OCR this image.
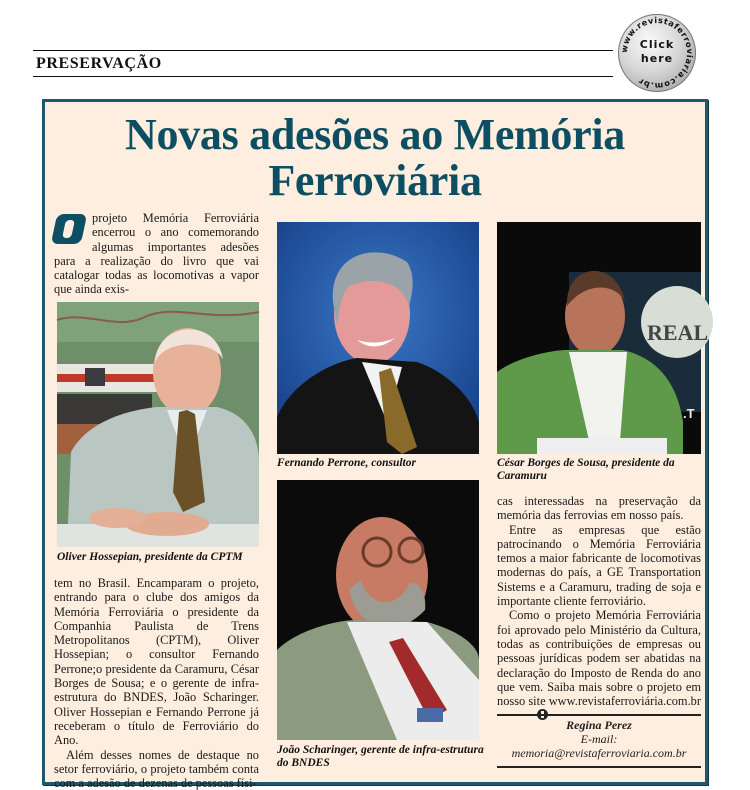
PRESERVAÇÃO
www.revistaferroviaria.com.br
Click
here
Novas adesões ao Memória Ferroviária

projeto Memória Ferroviária encerrou o ano comemorando algumas importantes adesões para a realização do livro que vai catalogar todas as locomotivas a vapor que ainda exis-

Oliver Hossepian, presidente da CPTM

tem no Brasil. Encamparam o projeto, entrando para o clube dos amigos da Memória Ferroviária o presidente da Companhia Paulista de Trens Metropolitanos (CPTM), Oliver Hossepian; o consultor Fernando Perrone;o presidente da Caramuru, César Borges de Sousa; e o gerente de infra-estrutura do BNDES, João Scharinger. Oliver Hossepian e Fernando Perrone já receberam o título de Ferroviário do Ano.

Além desses nomes de destaque no setor ferroviário, o projeto também conta com a adesão de dezenas de pessoas físi-

Fernando Perrone, consultor
João Scharinger, gerente de infra-estrutura do BNDES
REAL
.T
César Borges de Sousa, presidente da Caramuru

cas interessadas na preservação da memória das ferrovias em nosso país.

Entre as empresas que estão patrocinando o Memória Ferroviária temos a maior fabricante de locomotivas modernas do país, a GE Transportation Sistems e a Caramuru, trading de soja e importante cliente ferroviário.

Como o projeto Memória Ferroviária foi aprovado pelo Ministério da Cultura, todas as contribuições de empresas ou pessoas jurídicas podem ser abatidas na declaração do Imposto de Renda do ano que vem. Saiba mais sobre o projeto em nosso site www.revistaferroviária.com.br

Regina Perez
E-mail:
memoria@revistaferroviaria.com.br
